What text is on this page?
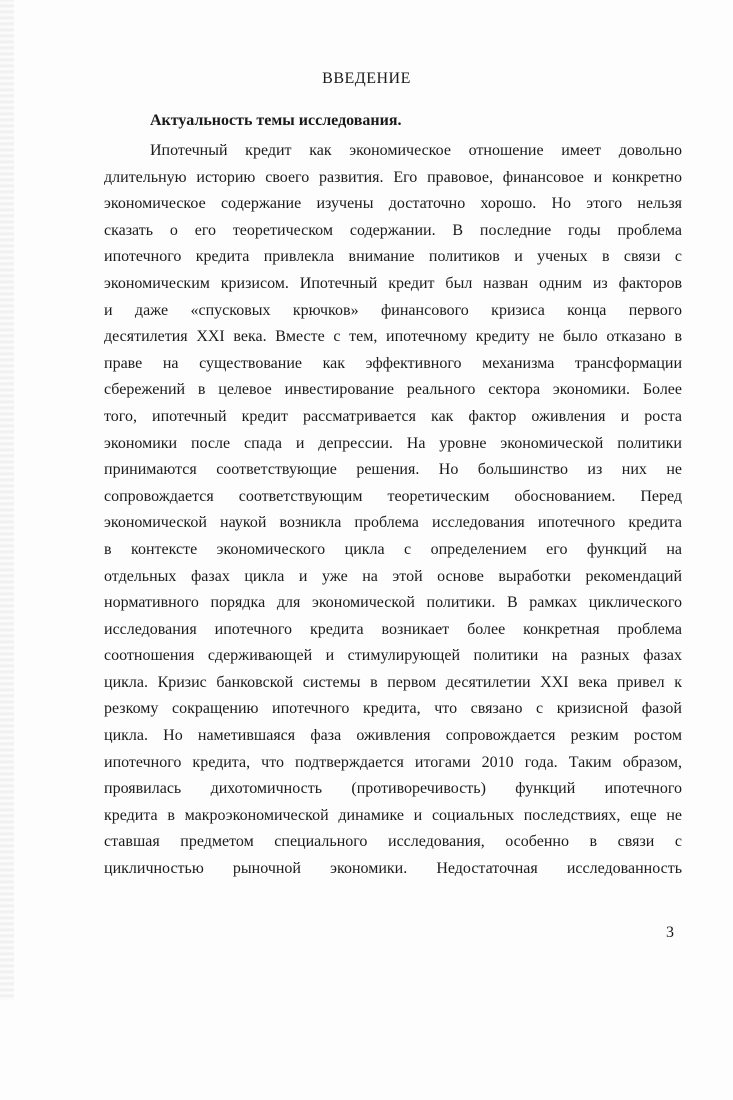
ВВЕДЕНИЕ
Актуальность темы исследования.
Ипотечный кредит как экономическое отношение имеет довольно
длительную историю своего развития. Его правовое, финансовое и конкретно
экономическое содержание изучены достаточно хорошо. Но этого нельзя
сказать о его теоретическом содержании. В последние годы проблема
ипотечного кредита привлекла внимание политиков и ученых в связи с
экономическим кризисом. Ипотечный кредит был назван одним из факторов
и даже «спусковых крючков» финансового кризиса конца первого
десятилетия XXI века. Вместе с тем, ипотечному кредиту не было отказано в
праве на существование как эффективного механизма трансформации
сбережений в целевое инвестирование реального сектора экономики. Более
того, ипотечный кредит рассматривается как фактор оживления и роста
экономики после спада и депрессии. На уровне экономической политики
принимаются соответствующие решения. Но большинство из них не
сопровождается соответствующим теоретическим обоснованием. Перед
экономической наукой возникла проблема исследования ипотечного кредита
в контексте экономического цикла с определением его функций на
отдельных фазах цикла и уже на этой основе выработки рекомендаций
нормативного порядка для экономической политики. В рамках циклического
исследования ипотечного кредита возникает более конкретная проблема
соотношения сдерживающей и стимулирующей политики на разных фазах
цикла. Кризис банковской системы в первом десятилетии XXI века привел к
резкому сокращению ипотечного кредита, что связано с кризисной фазой
цикла. Но наметившаяся фаза оживления сопровождается резким ростом
ипотечного кредита, что подтверждается итогами 2010 года. Таким образом,
проявилась дихотомичность (противоречивость) функций ипотечного
кредита в макроэкономической динамике и социальных последствиях, еще не
ставшая предметом специального исследования, особенно в связи с
цикличностью рыночной экономики. Недостаточная исследованность
3
